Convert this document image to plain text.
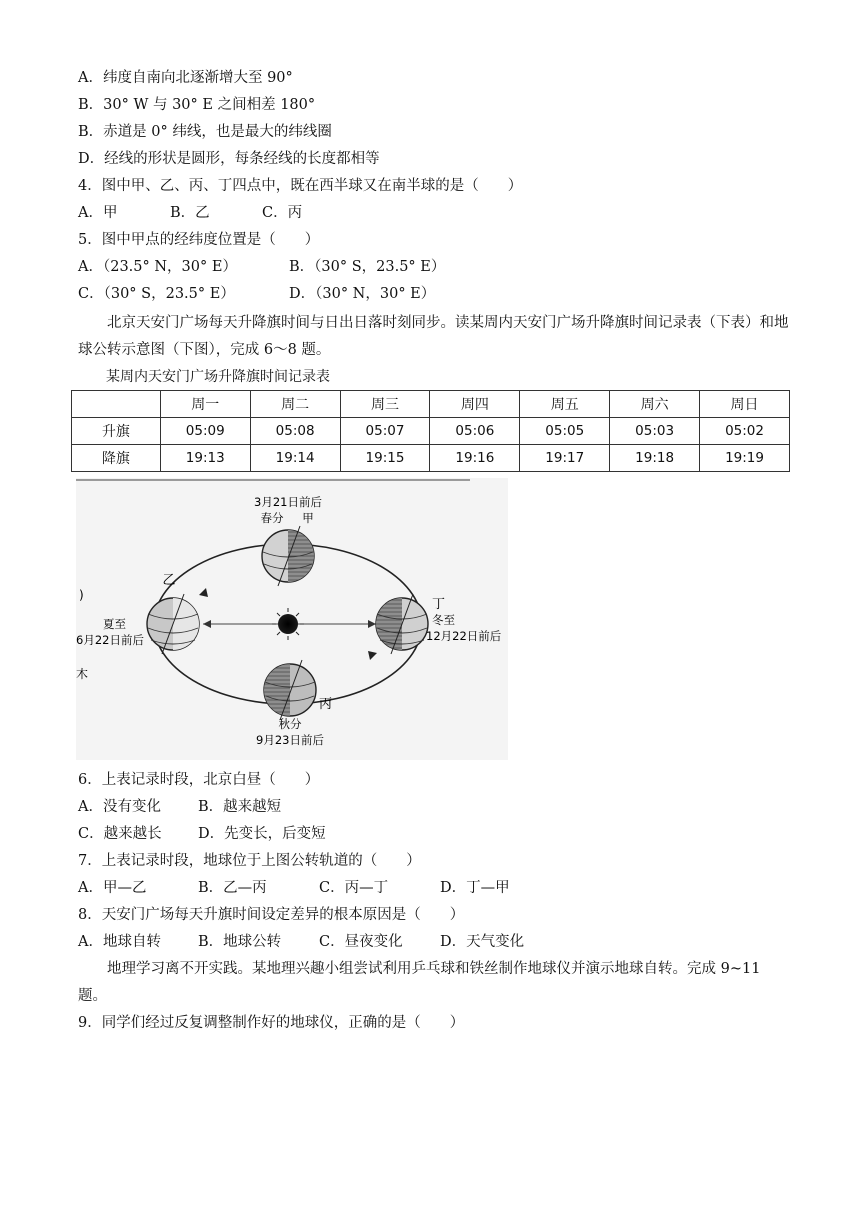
A．纬度自南向北逐渐增大至 90°
B．30° W 与 30° E 之间相差 180°
B．赤道是 0° 纬线，也是最大的纬线圈
D．经线的形状是圆形，每条经线的长度都相等
4．图中甲、乙、丙、丁四点中，既在西半球又在南半球的是（　　）
A．甲	B．乙	C．丙
5．图中甲点的经纬度位置是（　　）
A．（23.5° N，30° E）	B．（30° S，23.5° E）
C．（30° S，23.5° E）	D．（30° N，30° E）
北京天安门广场每天升降旗时间与日出日落时刻同步。读某周内天安门广场升降旗时间记录表（下表）和地球公转示意图（下图），完成 6～8 题。
某周内天安门广场升降旗时间记录表
	周一	周二	周三	周四	周五	周六	周日
升旗	05:09	05:08	05:07	05:06	05:05	05:03	05:02
降旗	19:13	19:14	19:15	19:16	19:17	19:18	19:19
3月21日前后
春分 甲
乙
夏至
6月22日前后
丁
冬至
12月22日前后
丙
秋分
9月23日前后
)
木
6．上表记录时段，北京白昼（　　）
A．没有变化	B．越来越短
C．越来越长	D．先变长，后变短
7．上表记录时段，地球位于上图公转轨道的（　　）
A．甲—乙	B．乙—丙	C．丙—丁	D．丁—甲
8．天安门广场每天升旗时间设定差异的根本原因是（　　）
A．地球自转	B．地球公转	C．昼夜变化	D．天气变化
地理学习离不开实践。某地理兴趣小组尝试利用乒乓球和铁丝制作地球仪并演示地球自转。完成 9~11 题。
9．同学们经过反复调整制作好的地球仪，正确的是（　　）
